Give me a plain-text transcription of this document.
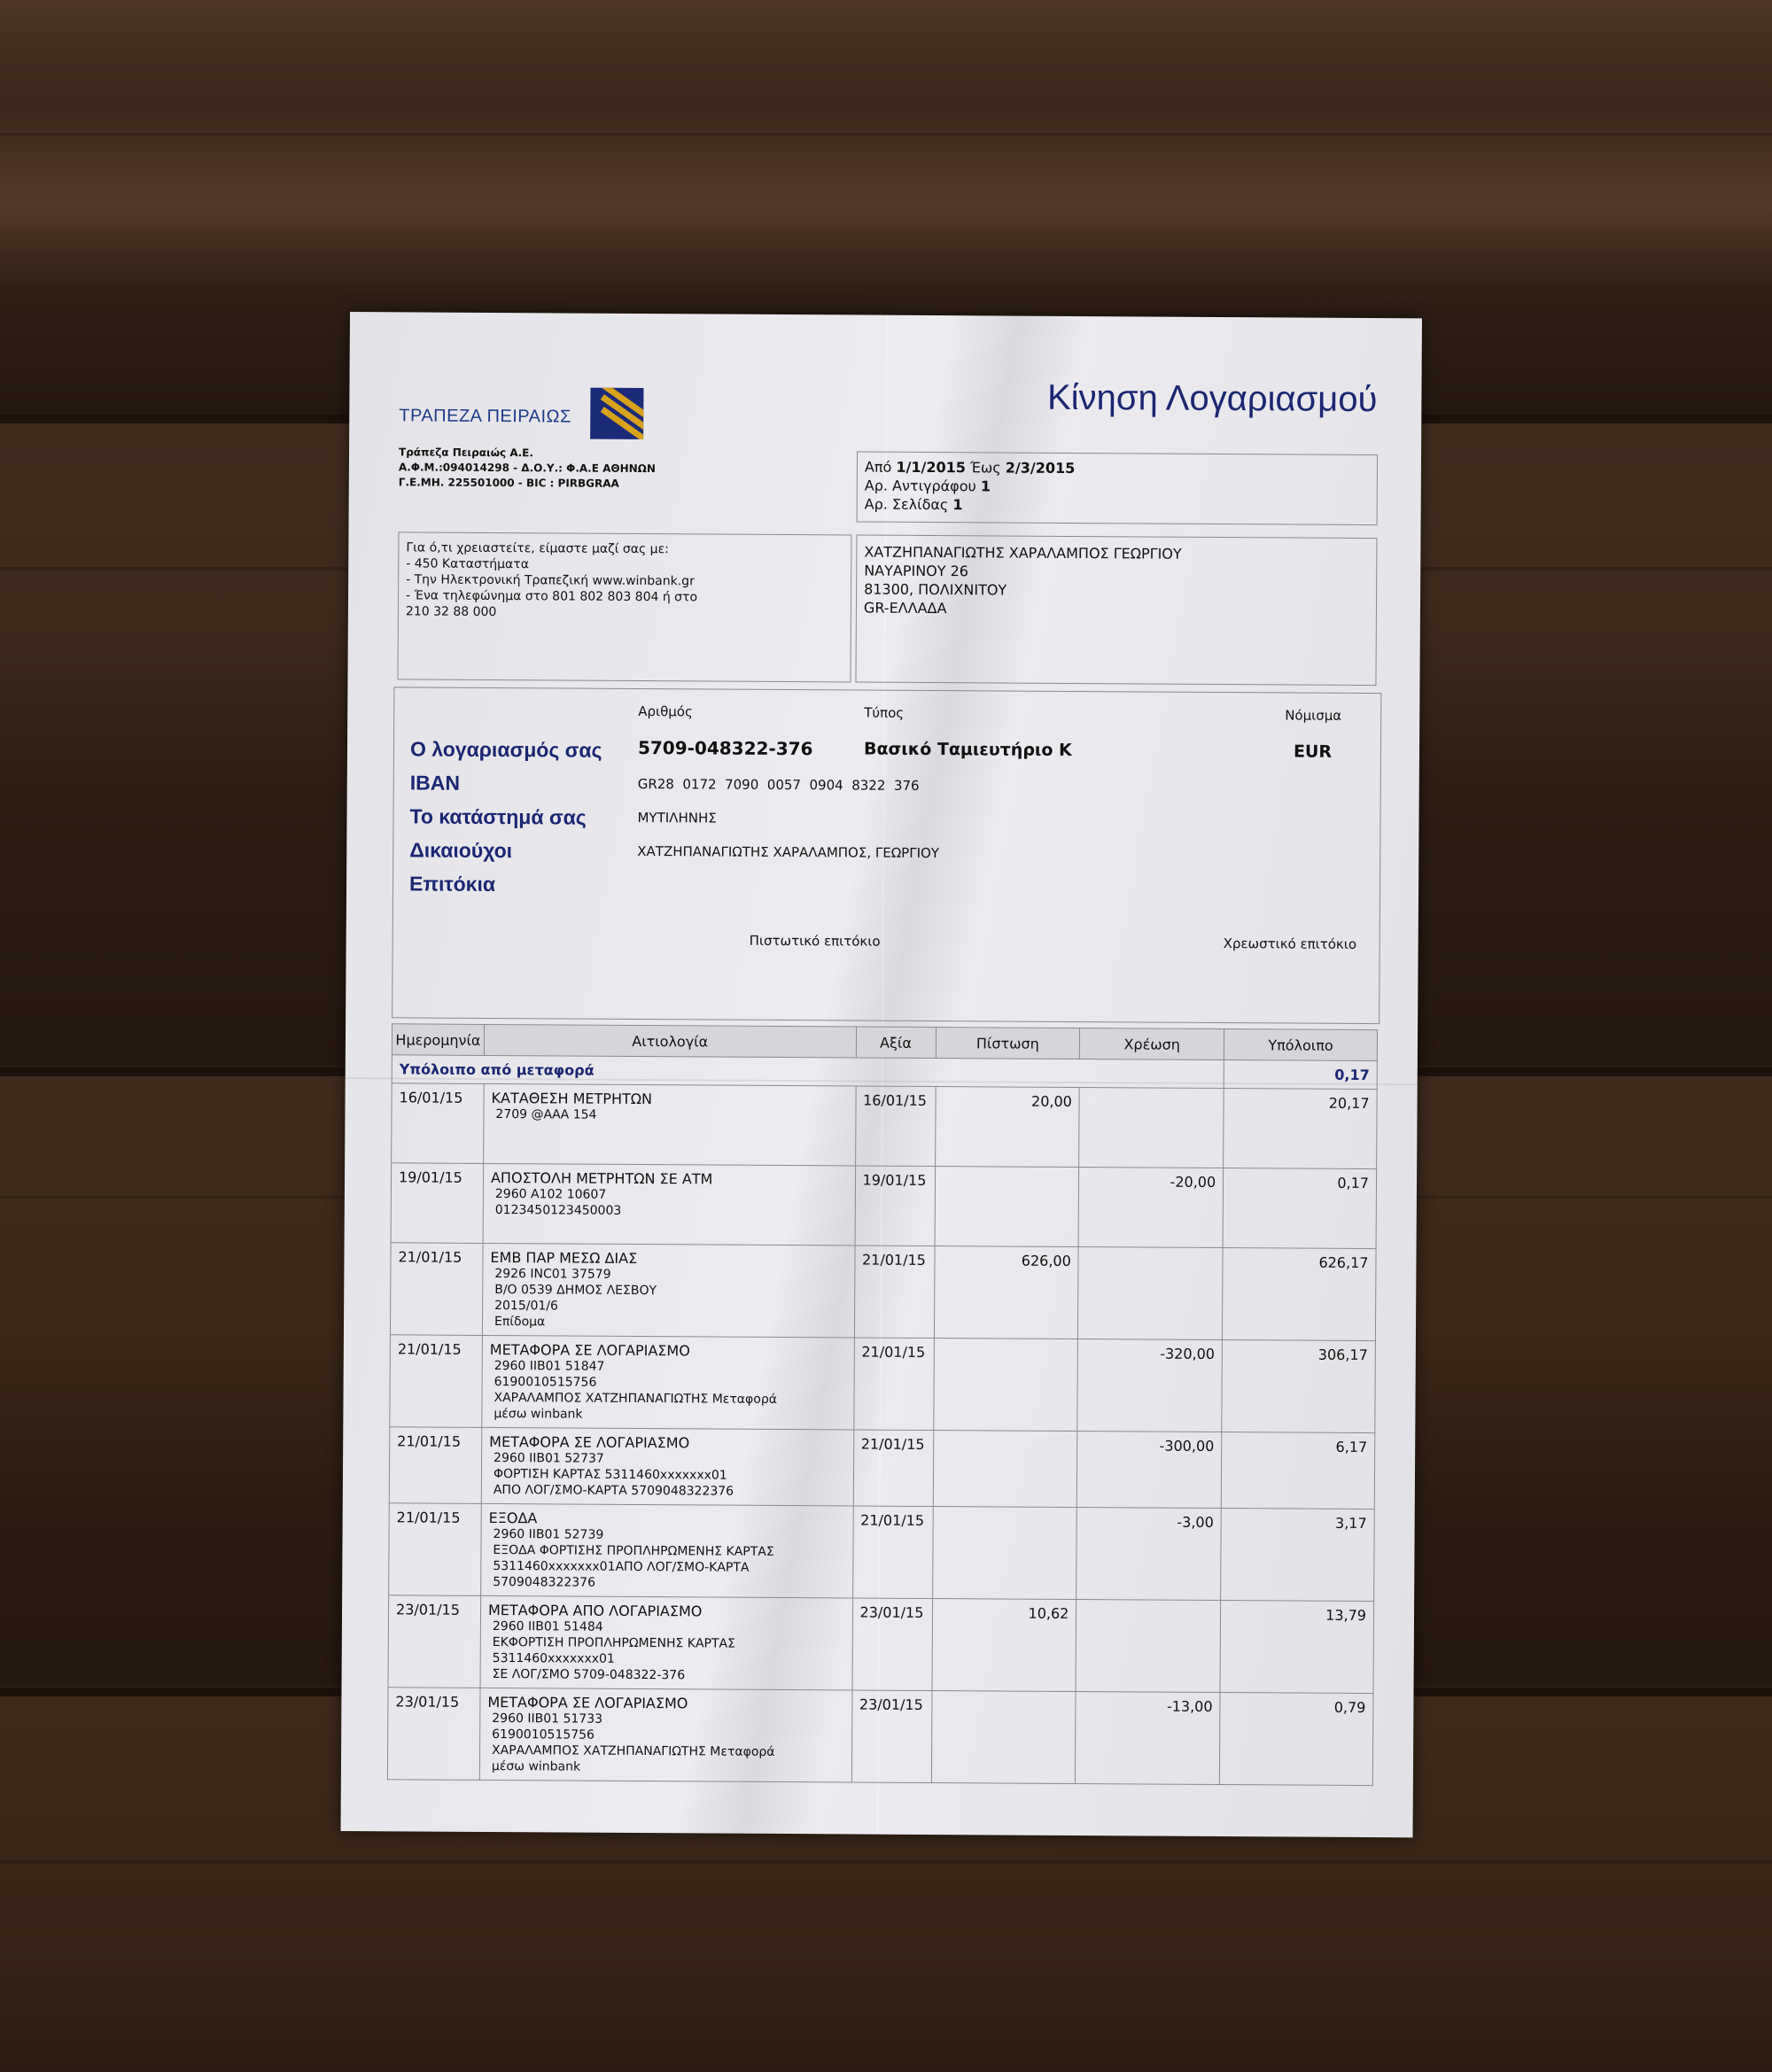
ΤΡΑΠΕΖΑ ΠΕΙΡΑΙΩΣ	Κίνηση Λογαριασμού
Τράπεζα Πειραιώς Α.Ε.
Α.Φ.Μ.:094014298 - Δ.Ο.Υ.: Φ.Α.Ε ΑΘΗΝΩΝ
Γ.Ε.ΜΗ. 225501000 - BIC : PIRBGRAA
Από 1/1/2015 Έως 2/3/2015
Αρ. Αντιγράφου 1
Αρ. Σελίδας 1
Για ό,τι χρειαστείτε, είμαστε μαζί σας με:
- 450 Καταστήματα
- Την Ηλεκτρονική Τραπεζική www.winbank.gr
- Ένα τηλεφώνημα στο 801 802 803 804 ή στο
210 32 88 000
ΧΑΤΖΗΠΑΝΑΓΙΩΤΗΣ ΧΑΡΑΛΑΜΠΟΣ ΓΕΩΡΓΙΟΥ
ΝΑΥΑΡΙΝΟΥ 26
81300, ΠΟΛΙΧΝΙΤΟΥ
GR-ΕΛΛΑΔΑ
Αριθμός	Τύπος	Νόμισμα
Ο λογαριασμός σας 5709-048322-376	Βασικό Ταμιευτήριο Κ	EUR
IBAN	GR28  0172  7090  0057  0904  8322  376
Το κατάστημά σας	ΜΥΤΙΛΗΝΗΣ
Δικαιούχοι	ΧΑΤΖΗΠΑΝΑΓΙΩΤΗΣ ΧΑΡΑΛΑΜΠΟΣ, ΓΕΩΡΓΙΟΥ
Επιτόκια
Πιστωτικό επιτόκιο	Χρεωστικό επιτόκιο
Ημερομηνία	Αιτιολογία	Αξία	Πίστωση	Χρέωση	Υπόλοιπο
Υπόλοιπο από μεταφορά					0,17
16/01/15	ΚΑΤΑΘΕΣΗ ΜΕΤΡΗΤΩΝ
2709 @ΑΑΑ 154	16/01/15	20,00		20,17
19/01/15	ΑΠΟΣΤΟΛΗ ΜΕΤΡΗΤΩΝ ΣΕ ΑΤΜ
2960 A102 10607
0123450123450003	19/01/15		-20,00	0,17
21/01/15	ΕΜΒ ΠΑΡ ΜΕΣΩ ΔΙΑΣ
2926 INC01 37579
B/O 0539 ΔΗΜΟΣ ΛΕΣΒΟΥ
2015/01/6
Επίδομα	21/01/15	626,00		626,17
21/01/15	ΜΕΤΑΦΟΡΑ ΣΕ ΛΟΓΑΡΙΑΣΜΟ
2960 IIB01 51847
6190010515756
ΧΑΡΑΛΑΜΠΟΣ ΧΑΤΖΗΠΑΝΑΓΙΩΤΗΣ Μεταφορά
μέσω winbank	21/01/15		-320,00	306,17
21/01/15	ΜΕΤΑΦΟΡΑ ΣΕ ΛΟΓΑΡΙΑΣΜΟ
2960 IIB01 52737
ΦΟΡΤΙΣΗ ΚΑΡΤΑΣ 5311460xxxxxxx01
ΑΠΟ ΛΟΓ/ΣΜΟ-ΚΑΡΤΑ 5709048322376	21/01/15		-300,00	6,17
21/01/15	ΕΞΟΔΑ
2960 IIB01 52739
ΕΞΟΔΑ ΦΟΡΤΙΣΗΣ ΠΡΟΠΛΗΡΩΜΕΝΗΣ ΚΑΡΤΑΣ
5311460xxxxxxx01ΑΠΟ ΛΟΓ/ΣΜΟ-ΚΑΡΤΑ
5709048322376	21/01/15		-3,00	3,17
23/01/15	ΜΕΤΑΦΟΡΑ ΑΠΟ ΛΟΓΑΡΙΑΣΜΟ
2960 IIB01 51484
ΕΚΦΟΡΤΙΣΗ ΠΡΟΠΛΗΡΩΜΕΝΗΣ ΚΑΡΤΑΣ
5311460xxxxxxx01
ΣΕ ΛΟΓ/ΣΜΟ 5709-048322-376	23/01/15	10,62		13,79
23/01/15	ΜΕΤΑΦΟΡΑ ΣΕ ΛΟΓΑΡΙΑΣΜΟ
2960 IIB01 51733
6190010515756
ΧΑΡΑΛΑΜΠΟΣ ΧΑΤΖΗΠΑΝΑΓΙΩΤΗΣ Μεταφορά
μέσω winbank	23/01/15		-13,00	0,79
